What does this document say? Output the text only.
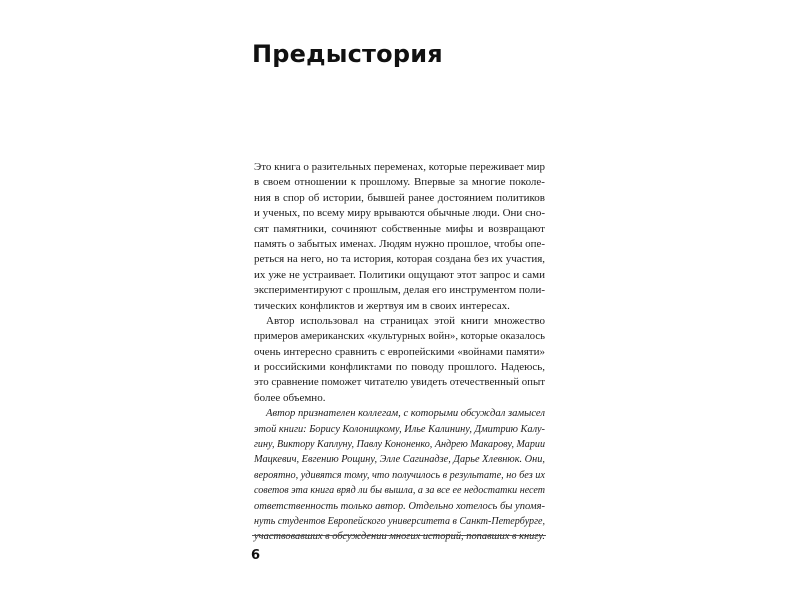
Предыстория
Это книга о разительных переменах, которые переживает мир
в своем отношении к прошлому. Впервые за многие поколе-
ния в спор об истории, бывшей ранее достоянием политиков
и ученых, по всему миру врываются обычные люди. Они сно-
сят памятники, сочиняют собственные мифы и возвращают
память о забытых именах. Людям нужно прошлое, чтобы опе-
реться на него, но та история, которая создана без их участия,
их уже не устраивает. Политики ощущают этот запрос и сами
экспериментируют с прошлым, делая его инструментом поли-
тических конфликтов и жертвуя им в своих интересах.
Автор использовал на страницах этой книги множество
примеров американских «культурных войн», которые оказалось
очень интересно сравнить с европейскими «войнами памяти»
и российскими конфликтами по поводу прошлого. Надеюсь,
это сравнение поможет читателю увидеть отечественный опыт
более объемно.
Автор признателен коллегам, с которыми обсуждал замысел
этой книги: Борису Колоницкому, Илье Калинину, Дмитрию Калу-
гину, Виктору Каплуну, Павлу Кононенко, Андрею Макарову, Марии
Мацкевич, Евгению Рощину, Элле Сагинадзе, Дарье Хлевнюк. Они,
вероятно, удивятся тому, что получилось в результате, но без их
советов эта книга вряд ли бы вышла, а за все ее недостатки несет
ответственность только автор. Отдельно хотелось бы упомя-
нуть студентов Европейского университета в Санкт-Петербурге,
участвовавших в обсуждении многих историй, попавших в книгу.
6
